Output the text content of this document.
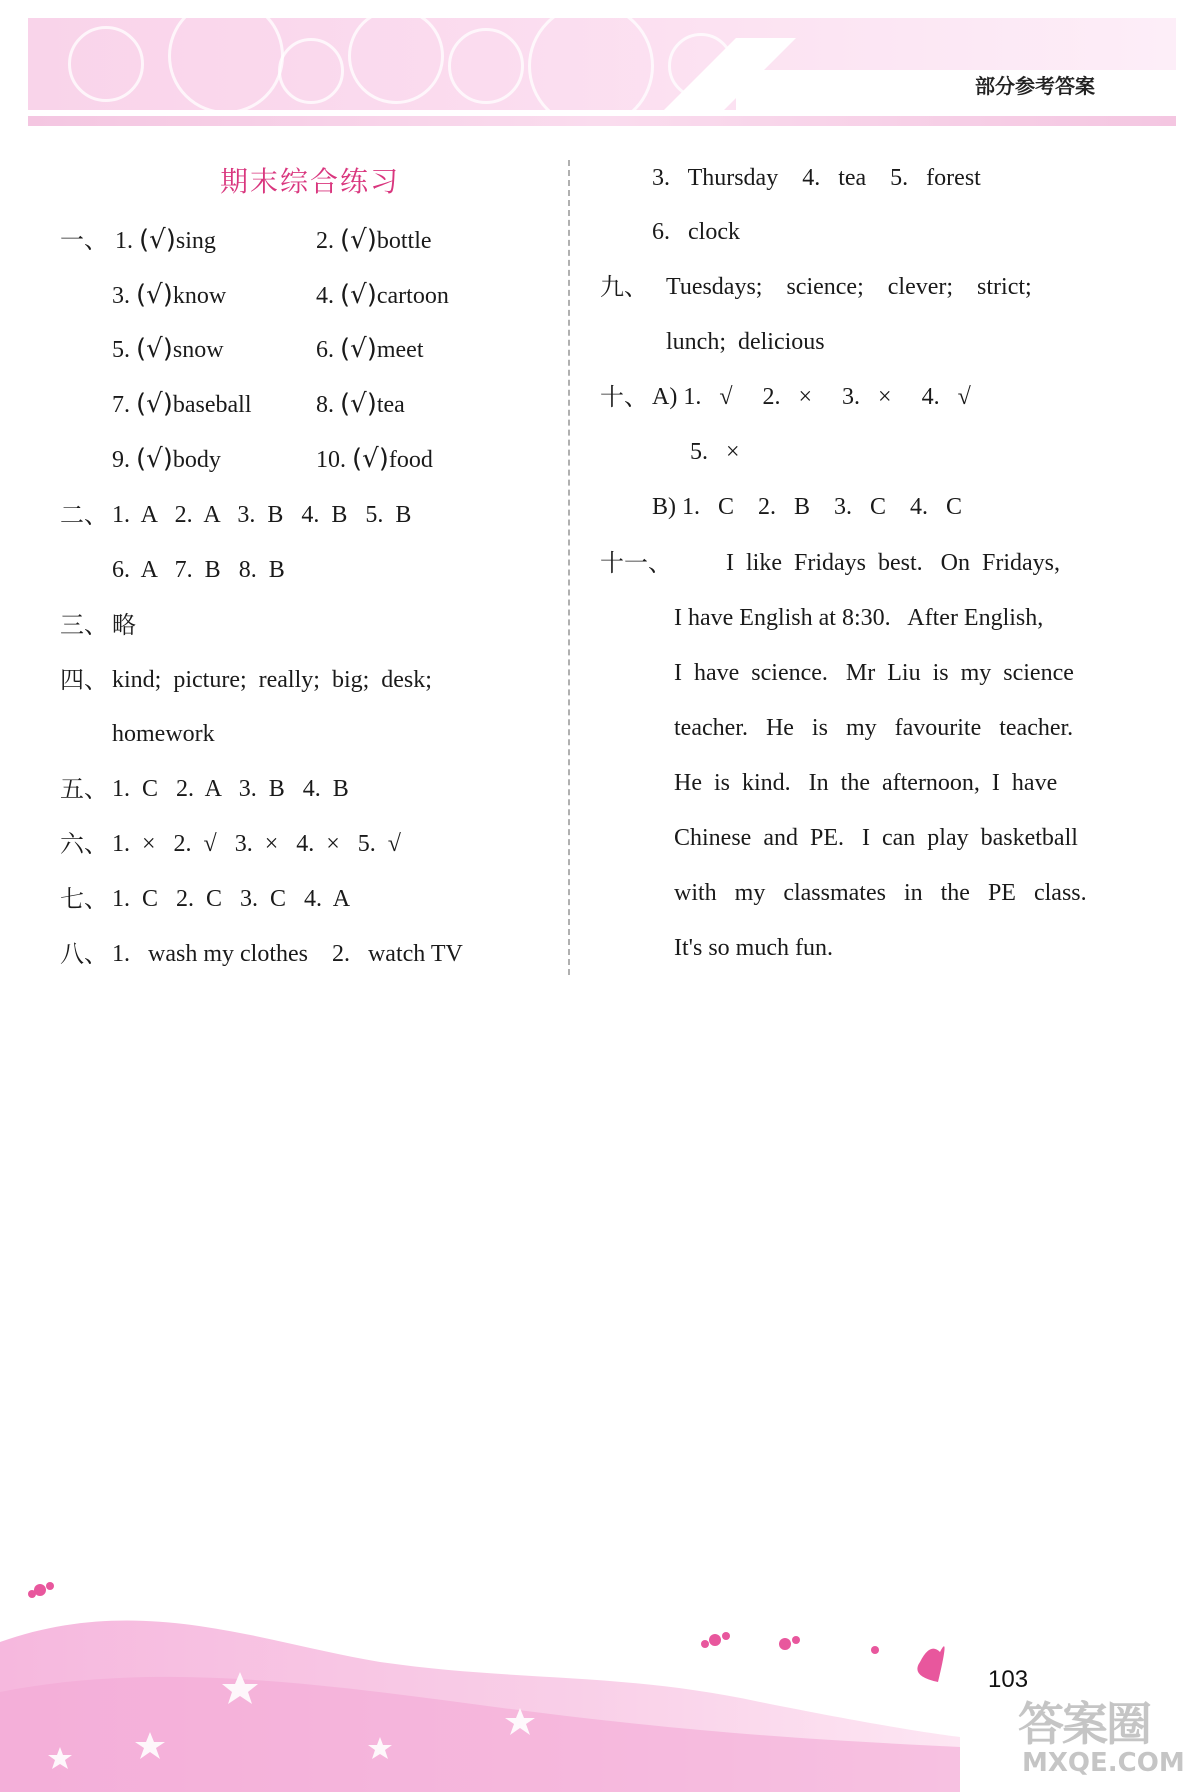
部分参考答案
期末综合练习
一、 1. (√)sing	2. (√)bottle
3. (√)know	4. (√)cartoon
5. (√)snow	6. (√)meet
7. (√)baseball	8. (√)tea
9. (√)body	10. (√)food
二、 1.  A   2.  A   3.  B   4.  B   5.  B
6.  A   7.  B   8.  B
三、 略
四、 kind;  picture;  really;  big;  desk;
homework
五、 1.  C   2.  A   3.  B   4.  B
六、 1.  ×   2.  √   3.  ×   4.  ×   5.  √
七、 1.  C   2.  C   3.  C   4.  A
八、 1.   wash my clothes    2.   watch TV
3.   Thursday    4.   tea    5.   forest
6.   clock
九、 Tuesdays;    science;    clever;    strict;
lunch;  delicious
十、 A) 1.   √     2.   ×     3.   ×     4.   √
5.   ×
B) 1.   C    2.   B    3.   C    4.   C
十一、 I  like  Fridays  best.   On  Fridays,
I have English at 8:30.   After English,
I  have  science.   Mr  Liu  is  my  science
teacher.   He   is   my   favourite   teacher.
He  is  kind.   In  the  afternoon,  I  have
Chinese  and  PE.   I  can  play  basketball
with   my   classmates   in   the   PE   class.
It's so much fun.
103
答案圈
MXQE.COM
